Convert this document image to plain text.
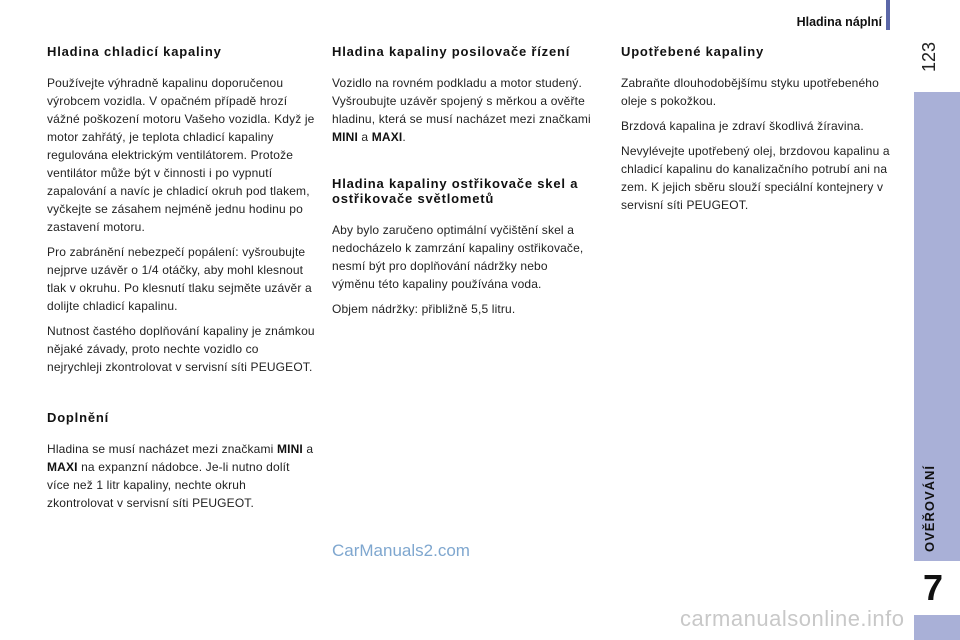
Hladina náplní
123
OVĚŘOVÁNÍ
7
Hladina chladicí kapaliny

Používejte výhradně kapalinu doporučenou výrobcem vozidla. V opačném případě hrozí vážné poškození motoru Vašeho vozidla. Když je motor zahřátý, je teplota chladicí kapaliny regulována elektrickým ventilátorem. Protože ventilátor může být v činnosti i po vypnutí zapalování a navíc je chladicí okruh pod tlakem, vyčkejte se zásahem nejméně jednu hodinu po zastavení motoru.

Pro zabránění nebezpečí popálení: vyšroubujte nejprve uzávěr o 1/4 otáčky, aby mohl klesnout tlak v okruhu. Po klesnutí tlaku sejměte uzávěr a dolijte chladicí kapalinu.

Nutnost častého doplňování kapaliny je známkou nějaké závady, proto nechte vozidlo co nejrychleji zkontrolovat v servisní síti PEUGEOT.

Doplnění

Hladina se musí nacházet mezi značkami MINI a MAXI na expanzní nádobce. Je-li nutno dolít více než 1 litr kapaliny, nechte okruh zkontrolovat v servisní síti PEUGEOT.

Hladina kapaliny posilovače řízení

Vozidlo na rovném podkladu a motor studený. Vyšroubujte uzávěr spojený s měrkou a ověřte hladinu, která se musí nacházet mezi značkami MINI a MAXI.

Hladina kapaliny ostřikovače skel a ostřikovače světlometů

Aby bylo zaručeno optimální vyčištění skel a nedocházelo k zamrzání kapaliny ostřikovače, nesmí být pro doplňování nádržky nebo výměnu této kapaliny používána voda.

Objem nádržky: přibližně 5,5 litru.

Upotřebené kapaliny

Zabraňte dlouhodobějšímu styku upotřebeného oleje s pokožkou.

Brzdová kapalina je zdraví škodlivá žíravina.

Nevylévejte upotřebený olej, brzdovou kapalinu a chladicí kapalinu do kanalizačního potrubí ani na zem. K jejich sběru slouží speciální kontejnery v servisní síti PEUGEOT.

CarManuals2.com
carmanualsonline.info
